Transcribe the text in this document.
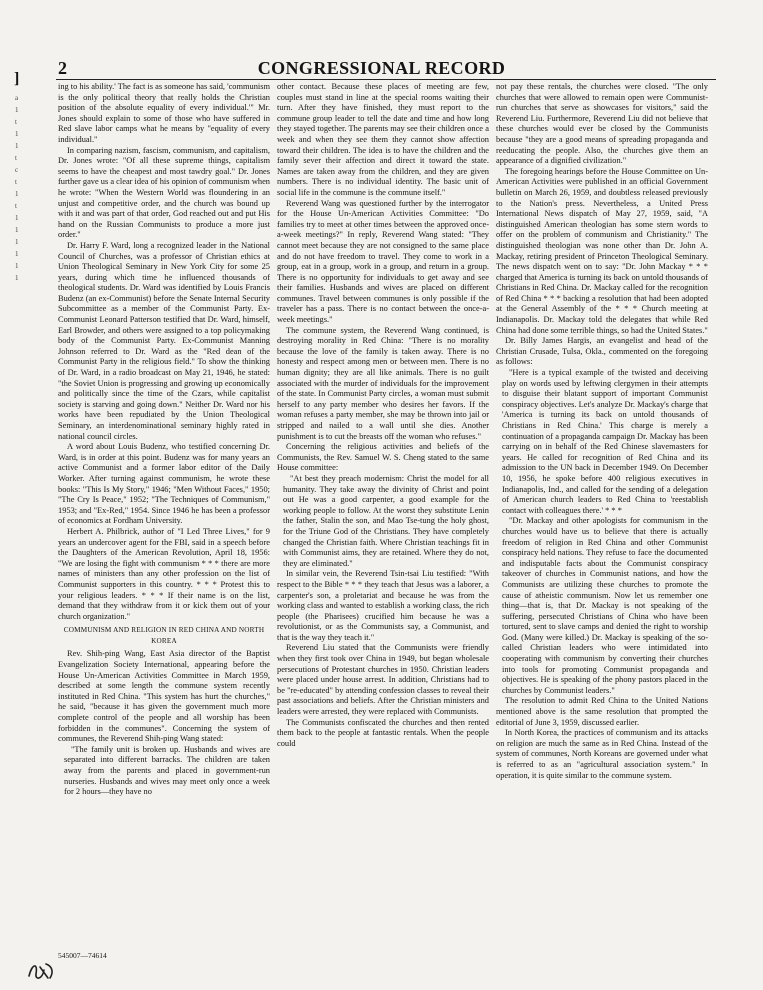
]
a
1
t
1
1
t
c
t
1
t
1
1
1
1
1
1
2	CONGRESSIONAL RECORD

ing to his ability.' The fact is as someone has said, 'communism is the only political theory that really holds the Christian position of the absolute equality of every individual.'" Mr. Jones should explain to some of those who have suffered in Red slave labor camps what he means by "equality of every individual."

In comparing nazism, fascism, communism, and capitalism, Dr. Jones wrote: "Of all these supreme things, capitalism seems to have the cheapest and most tawdry goal." Dr. Jones further gave us a clear idea of his opinion of communism when he wrote: "When the Western World was floundering in an unjust and competitive order, and the church was bound up with it and was part of that order, God reached out and put His hand on the Russian Communists to produce a more just order."

Dr. Harry F. Ward, long a recognized leader in the National Council of Churches, was a professor of Christian ethics at Union Theological Seminary in New York City for some 25 years, during which time he influenced thousands of theological students. Dr. Ward was identified by Louis Francis Budenz (an ex-Communist) before the Senate Internal Security Subcommittee as a member of the Communist Party. Ex-Communist Leonard Patterson testified that Dr. Ward, himself, Earl Browder, and others were assigned to a top policymaking body of the Communist Party. Ex-Communist Manning Johnson referred to Dr. Ward as the "Red dean of the Communist Party in the religious field." To show the thinking of Dr. Ward, in a radio broadcast on May 21, 1946, he stated: "the Soviet Union is progressing and growing up economically and politically since the time of the Czars, while capitalist society is starving and going down." Neither Dr. Ward nor his works have been repudiated by the Union Theological Seminary, an interdenominational seminary highly rated in national council circles.

A word about Louis Budenz, who testified concerning Dr. Ward, is in order at this point. Budenz was for many years an active Communist and a former labor editor of the Daily Worker. After turning against communism, he wrote these books: "This Is My Story," 1946; "Men Without Faces," 1950; "The Cry Is Peace," 1952; "The Techniques of Communism," 1953; and "Ex-Red," 1954. Since 1946 he has been a professor of economics at Fordham University.

Herbert A. Philbrick, author of "I Led Three Lives," for 9 years an undercover agent for the FBI, said in a speech before the Daughters of the American Revolution, April 18, 1956: "We are losing the fight with communism * * * there are more names of ministers than any other profession on the list of Communist supporters in this country. * * * Protest this to your religious leaders. * * * If their name is on the list, demand that they withdraw from it or kick them out of your church organization."

COMMUNISM AND RELIGION IN RED CHINA AND NORTH KOREA

Rev. Shih-ping Wang, East Asia director of the Baptist Evangelization Society International, appearing before the House Un-American Activities Committee in March 1959, described at some length the commune system recently instituted in Red China. "This system has hurt the churches," he said, "because it has given the government much more complete control of the people and all worship has been forbidden in the communes". Concerning the system of communes, the Reverend Shih-ping Wang stated:

"The family unit is broken up. Husbands and wives are separated into different barracks. The children are taken away from the parents and placed in government-run nurseries. Husbands and wives may meet only once a week for 2 hours—they have no

other contact. Because these places of meeting are few, couples must stand in line at the special rooms waiting their turn. After they have finished, they must report to the commune group leader to tell the date and time and how long they stayed together. The parents may see their children once a week and when they see them they cannot show affection toward their children. The idea is to have the children and the family sever their affection and direct it toward the state. Names are taken away from the children, and they are given numbers. There is no individual identity. The basic unit of social life in the commune is the commune itself."

Reverend Wang was questioned further by the interrogator for the House Un-American Activities Committee: "Do families try to meet at other times between the approved once-a-week meetings?" In reply, Reverend Wang stated: "They cannot meet because they are not consigned to the same place and do not have freedom to travel. They come to work in a group, eat in a group, work in a group, and return in a group. There is no opportunity for individuals to get away and see their families. Husbands and wives are placed on different communes. Travel between communes is only possible if the traveler has a pass. There is no contact between the once-a-week meetings."

The commune system, the Reverend Wang continued, is destroying morality in Red China: "There is no morality because the love of the family is taken away. There is no honesty and respect among men or between men. There is no human dignity; they are all like animals. There is no guilt associated with the murder of individuals for the improvement of the state. In Communist Party circles, a woman must submit herself to any party member who desires her favors. If the woman refuses a party member, she may be thrown into jail or stripped and nailed to a wall until she dies. Another punishment is to cut the breasts off the woman who refuses."

Concerning the religious activities and beliefs of the Communists, the Rev. Samuel W. S. Cheng stated to the same House committee:

"At best they preach modernism: Christ the model for all humanity. They take away the divinity of Christ and point out He was a good carpenter, a good example for the working people to follow. At the worst they substitute Lenin the father, Stalin the son, and Mao Tse-tung the holy ghost, for the Triune God of the Christians. They have completely changed the Christian faith. Where Christian teachings fit in with Communist aims, they are retained. Where they do not, they are eliminated."

In similar vein, the Reverend Tsin-tsai Liu testified: "With respect to the Bible * * * they teach that Jesus was a laborer, a carpenter's son, a proletariat and because he was from the working class and wanted to establish a working class, the rich people (the Pharisees) crucified him because he was a revolutionist, or as the Communists say, a Communist, and that is the way they teach it."

Reverend Liu stated that the Communists were friendly when they first took over China in 1949, but began wholesale persecutions of Protestant churches in 1950. Christian leaders were placed under house arrest. In addition, Christians had to be "re-educated" by attending confession classes to reveal their past associations and beliefs. After the Christian ministers and leaders were arrested, they were replaced with Communists.

The Communists confiscated the churches and then rented them back to the people at fantastic rentals. When the people could

not pay these rentals, the churches were closed. "The only churches that were allowed to remain open were Communist-run churches that serve as showcases for visitors," said the Reverend Liu. Furthermore, Reverend Liu did not believe that these churches would ever be closed by the Communists because "they are a good means of spreading propaganda and reeducating the people. Also, the churches give them an appearance of a dignified civilization."

The foregoing hearings before the House Committee on Un-American Activities were published in an official Government bulletin on March 26, 1959, and doubtless released previously to the Nation's press. Nevertheless, a United Press International News dispatch of May 27, 1959, said, "A distinguished American theologian has some stern words to offer on the problem of communism and Christianity." The distinguished theologian was none other than Dr. John A. Mackay, retiring president of Princeton Theological Seminary. The news dispatch went on to say: "Dr. John Mackay * * * charged that America is turning its back on untold thousands of Christians in Red China. Dr. Mackay called for the recognition of Red China * * * backing a resolution that had been adopted at the General Assembly of the * * * Church meeting at Indianapolis. Dr. Mackay told the delegates that while Red China had done some terrible things, so had the United States."

Dr. Billy James Hargis, an evangelist and head of the Christian Crusade, Tulsa, Okla., commented on the foregoing as follows:

"Here is a typical example of the twisted and deceiving play on words used by leftwing clergymen in their attempts to disguise their blatant support of important Communist conspiracy objectives. Let's analyze Dr. Mackay's charge that 'America is turning its back on untold thousands of Christians in Red China.' This charge is merely a continuation of a propaganda campaign Dr. Mackay has been carrying on in behalf of the Red Chinese slavemasters for years. He called for recognition of Red China and its admission to the UN back in December 1949. On December 10, 1956, he spoke before 400 religious executives in Indianapolis, Ind., and called for the sending of a delegation of American church leaders to Red China to 'reestablish contact with colleagues there.' * * *

"Dr. Mackay and other apologists for communism in the churches would have us to believe that there is actually freedom of religion in Red China and other Communist conspiracy held nations. They refuse to face the documented and indisputable facts about the Communist conspiracy takeover of churches in Communist nations, and how the Communists are utilizing these churches to promote the cause of atheistic communism. Now let us remember one thing—that is, that Dr. Mackay is not speaking of the suffering, persecuted Christians of China who have been tortured, sent to slave camps and denied the right to worship God. (Many were killed.) Dr. Mackay is speaking of the so-called Christian leaders who were intimidated into cooperating with communism by converting their churches into tools for promoting Communist propaganda and objectives. He is speaking of the phony pastors placed in the churches by Communist leaders."

The resolution to admit Red China to the United Nations mentioned above is the same resolution that prompted the editorial of June 3, 1959, discussed earlier.

In North Korea, the practices of communism and its attacks on religion are much the same as in Red China. Instead of the system of communes, North Koreans are governed under what is referred to as an "agricultural association system." In operation, it is quite similar to the commune system.

545007—74614
